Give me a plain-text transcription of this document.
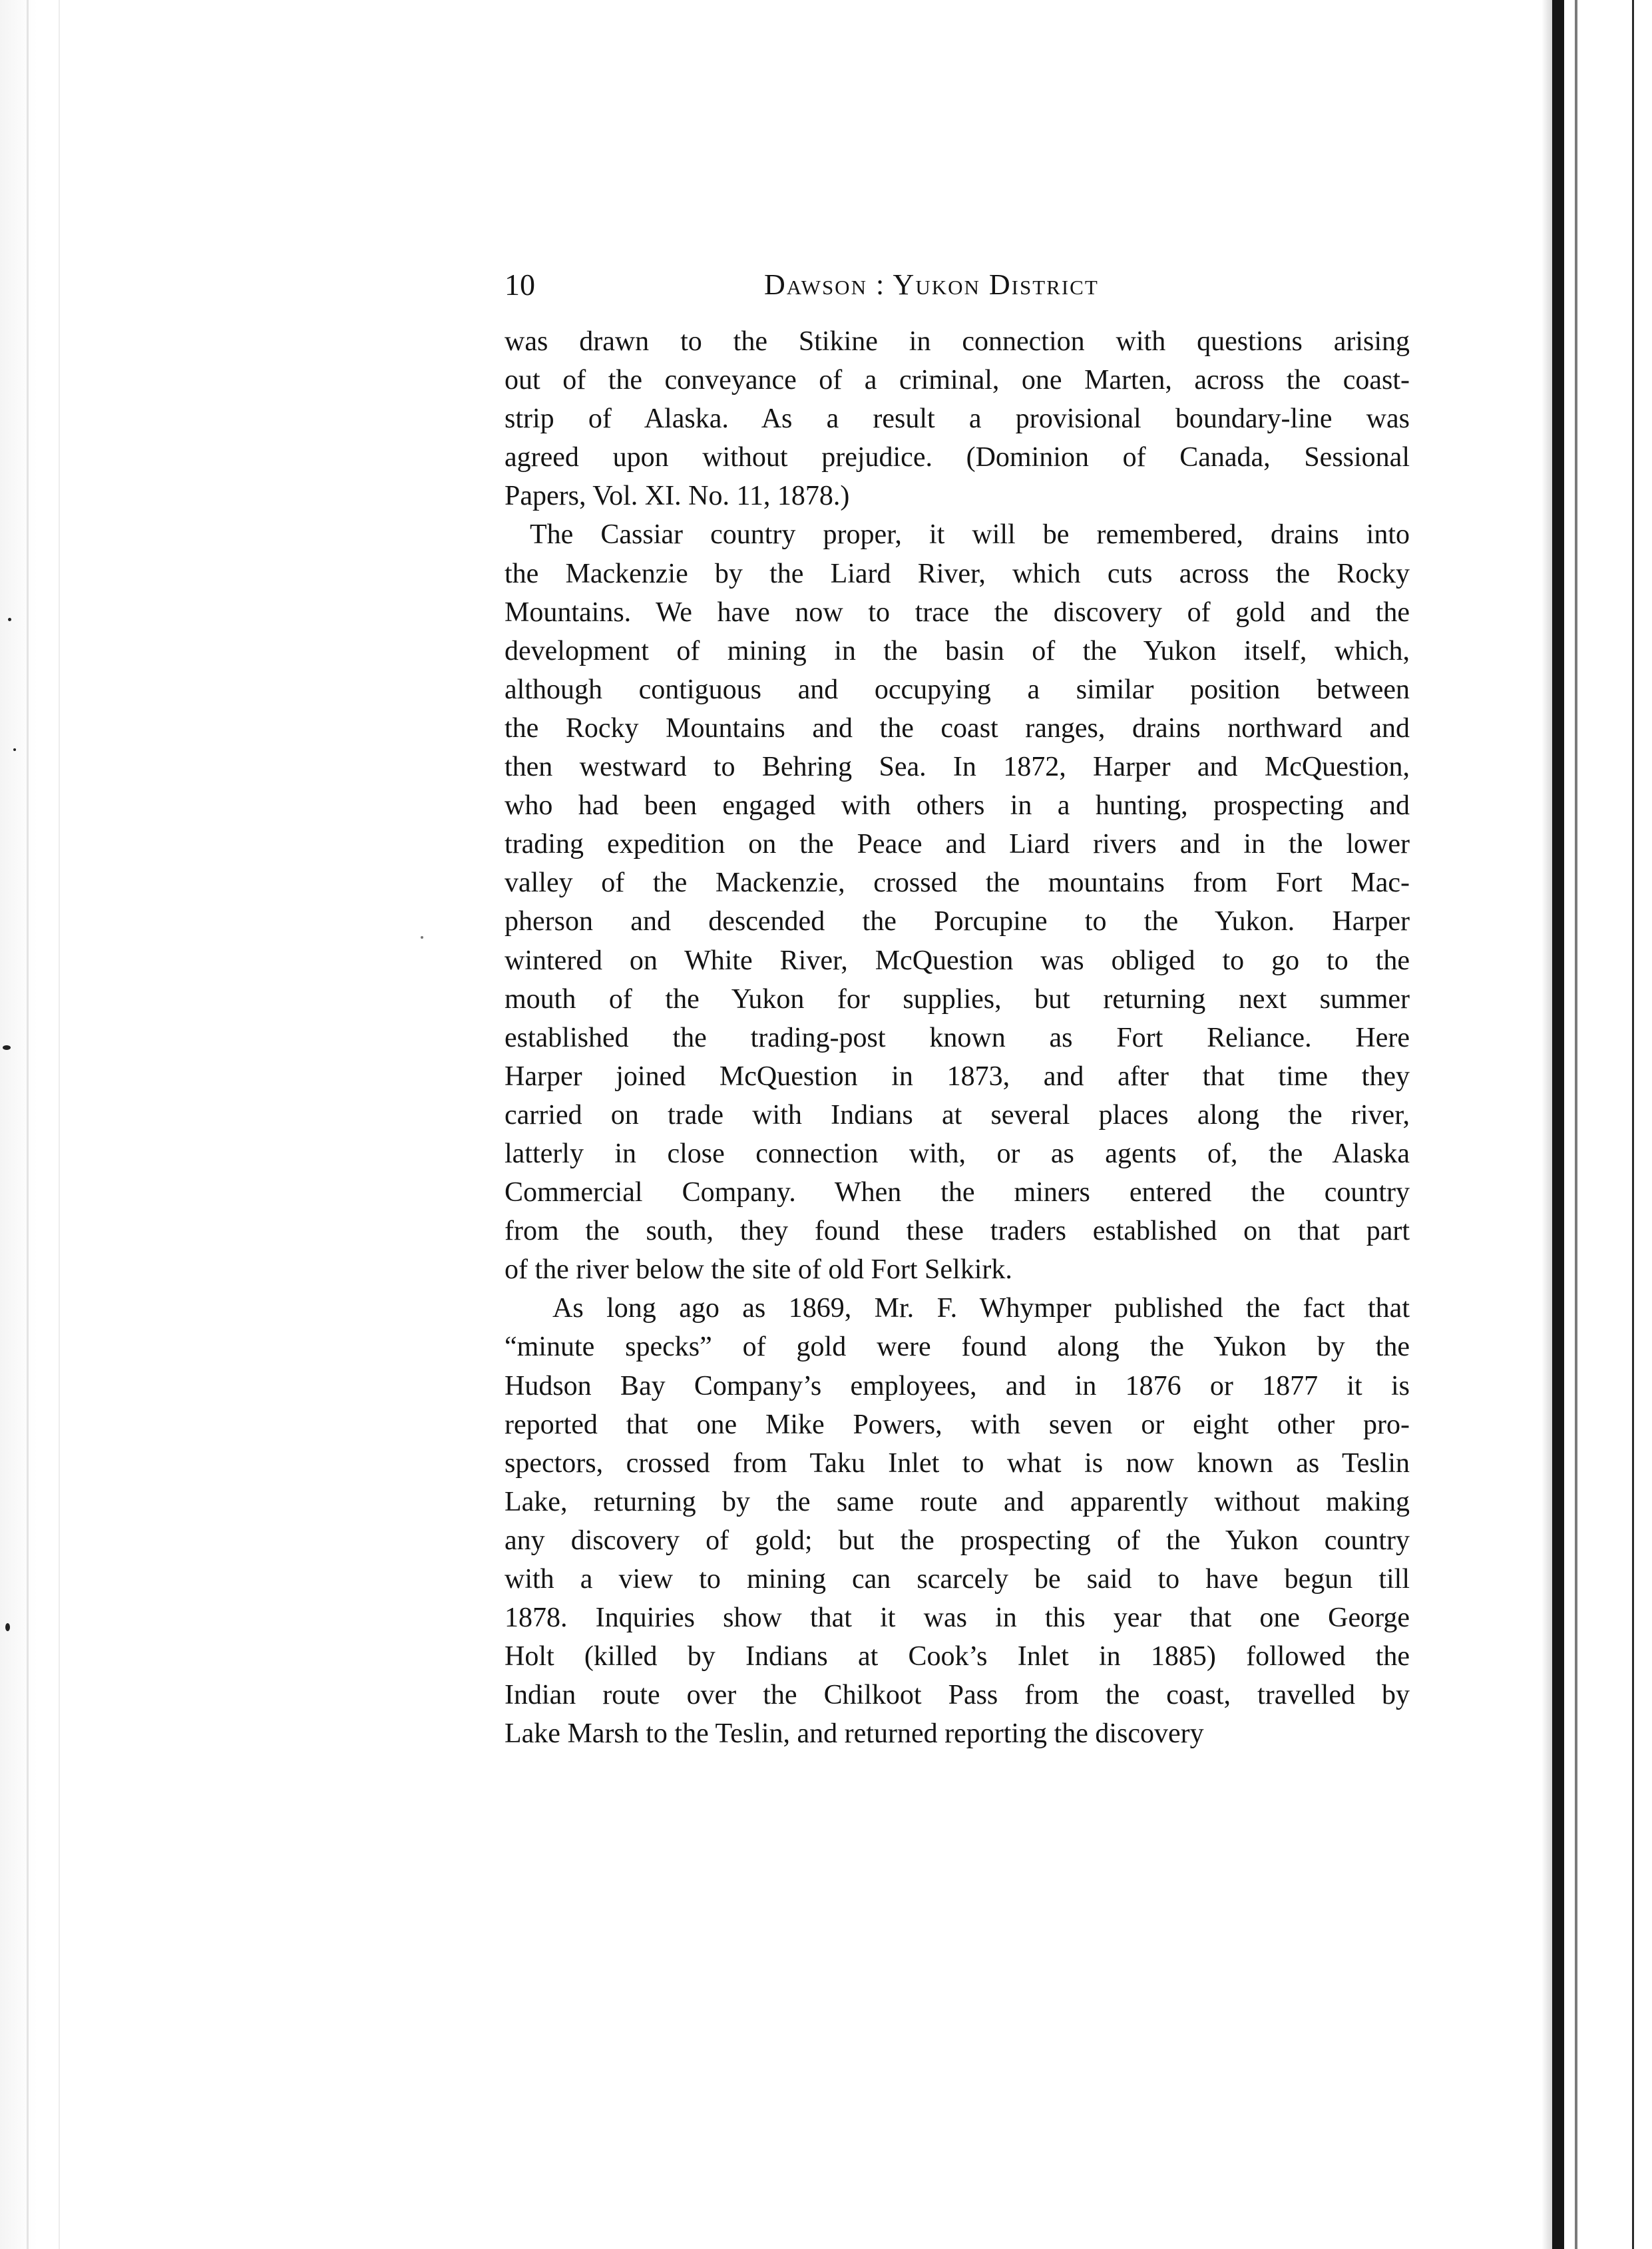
10	Dawson : Yukon District
was drawn to the Stikine in connection with questions arising
out of the conveyance of a criminal, one Marten, across the coast-
strip of Alaska. As a result a provisional boundary-line was
agreed upon without prejudice. (Dominion of Canada, Sessional
Papers, Vol. XI. No. 11, 1878.)
The Cassiar country proper, it will be remembered, drains into
the Mackenzie by the Liard River, which cuts across the Rocky
Mountains. We have now to trace the discovery of gold and the
development of mining in the basin of the Yukon itself, which,
although contiguous and occupying a similar position between
the Rocky Mountains and the coast ranges, drains northward and
then westward to Behring Sea. In 1872, Harper and McQuestion,
who had been engaged with others in a hunting, prospecting and
trading expedition on the Peace and Liard rivers and in the lower
valley of the Mackenzie, crossed the mountains from Fort Mac-
pherson and descended the Porcupine to the Yukon. Harper
wintered on White River, McQuestion was obliged to go to the
mouth of the Yukon for supplies, but returning next summer
established the trading-post known as Fort Reliance. Here
Harper joined McQuestion in 1873, and after that time they
carried on trade with Indians at several places along the river,
latterly in close connection with, or as agents of, the Alaska
Commercial Company. When the miners entered the country
from the south, they found these traders established on that part
of the river below the site of old Fort Selkirk.
As long ago as 1869, Mr. F. Whymper published the fact that
“minute specks” of gold were found along the Yukon by the
Hudson Bay Company’s employees, and in 1876 or 1877 it is
reported that one Mike Powers, with seven or eight other pro-
spectors, crossed from Taku Inlet to what is now known as Teslin
Lake, returning by the same route and apparently without making
any discovery of gold; but the prospecting of the Yukon country
with a view to mining can scarcely be said to have begun till
1878. Inquiries show that it was in this year that one George
Holt (killed by Indians at Cook’s Inlet in 1885) followed the
Indian route over the Chilkoot Pass from the coast, travelled by
Lake Marsh to the Teslin, and returned reporting the discovery
